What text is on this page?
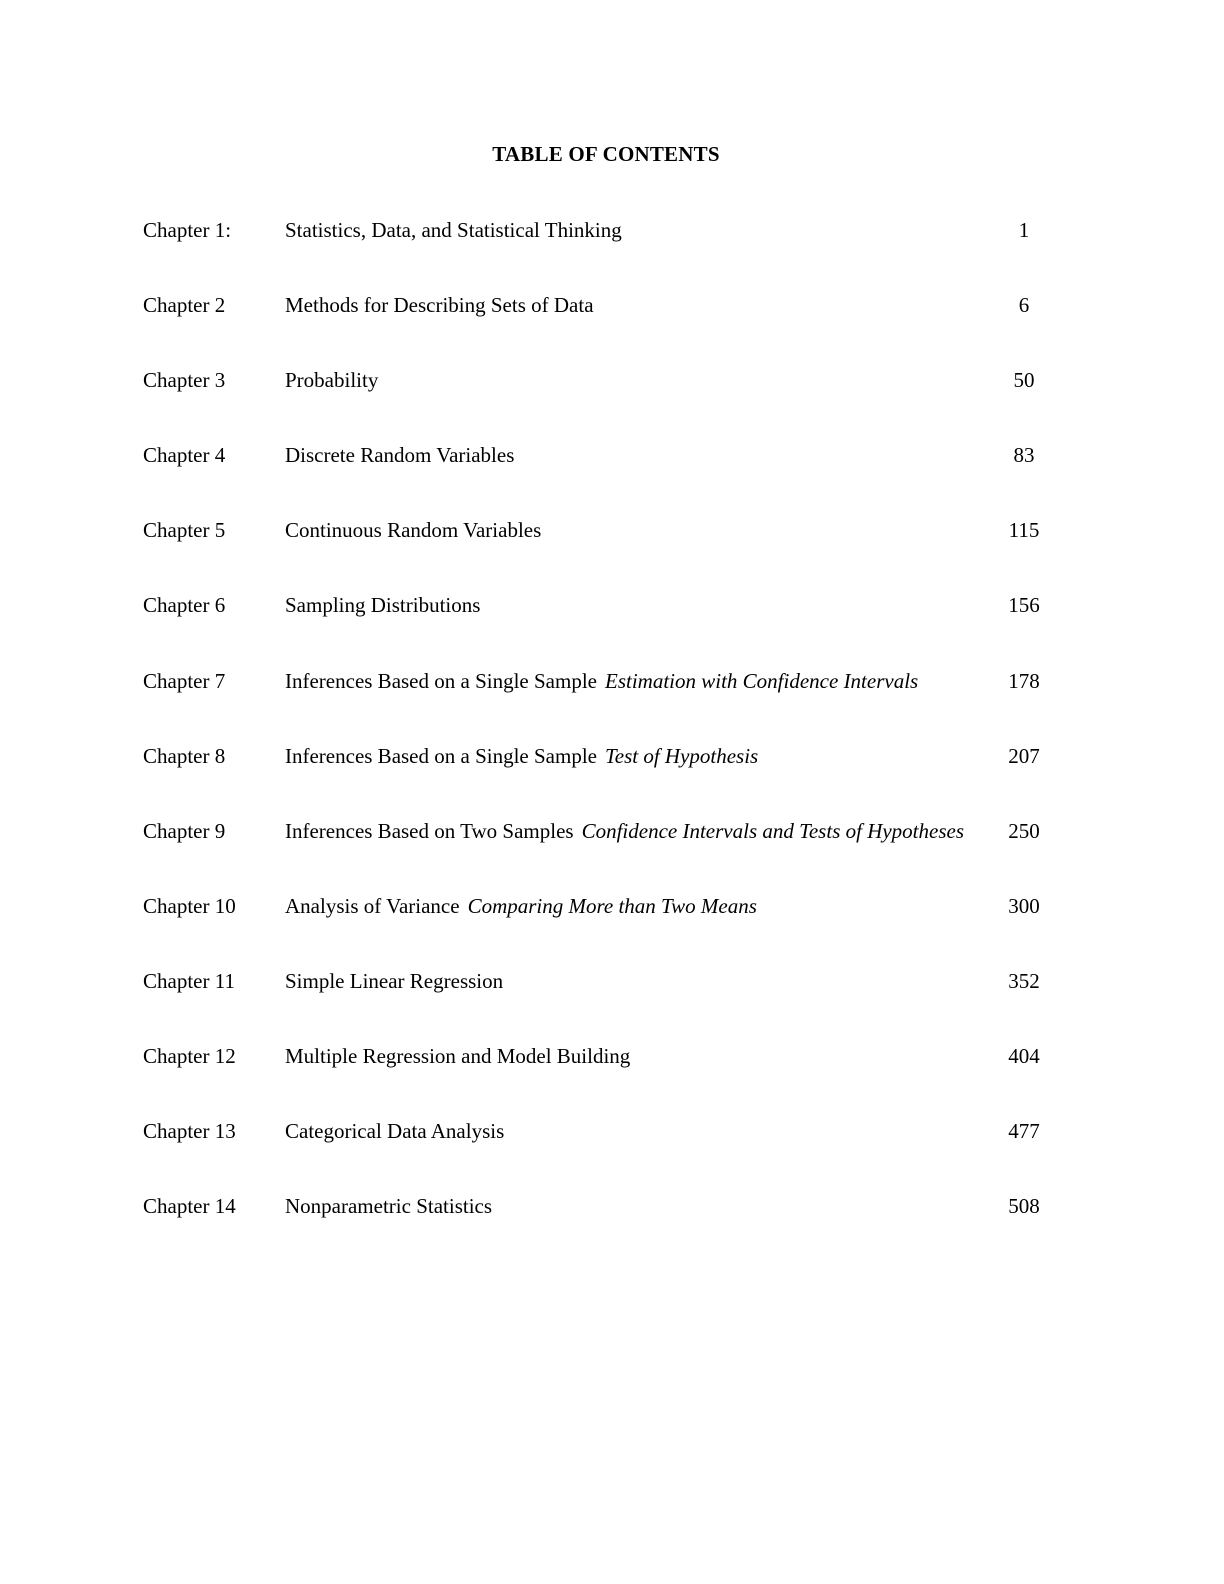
TABLE OF CONTENTS
Chapter 1:	Statistics, Data, and Statistical Thinking	1
Chapter 2	Methods for Describing Sets of Data	6
Chapter 3	Probability	50
Chapter 4	Discrete Random Variables	83
Chapter 5	Continuous Random Variables	115
Chapter 6	Sampling Distributions	156
Chapter 7	Inferences Based on a Single Sample Estimation with Confidence Intervals	178
Chapter 8	Inferences Based on a Single Sample Test of Hypothesis	207
Chapter 9	Inferences Based on Two Samples Confidence Intervals and Tests of Hypotheses	250
Chapter 10 Analysis of Variance Comparing More than Two Means	300
Chapter 11 Simple Linear Regression	352
Chapter 12 Multiple Regression and Model Building	404
Chapter 13 Categorical Data Analysis	477
Chapter 14 Nonparametric Statistics	508
